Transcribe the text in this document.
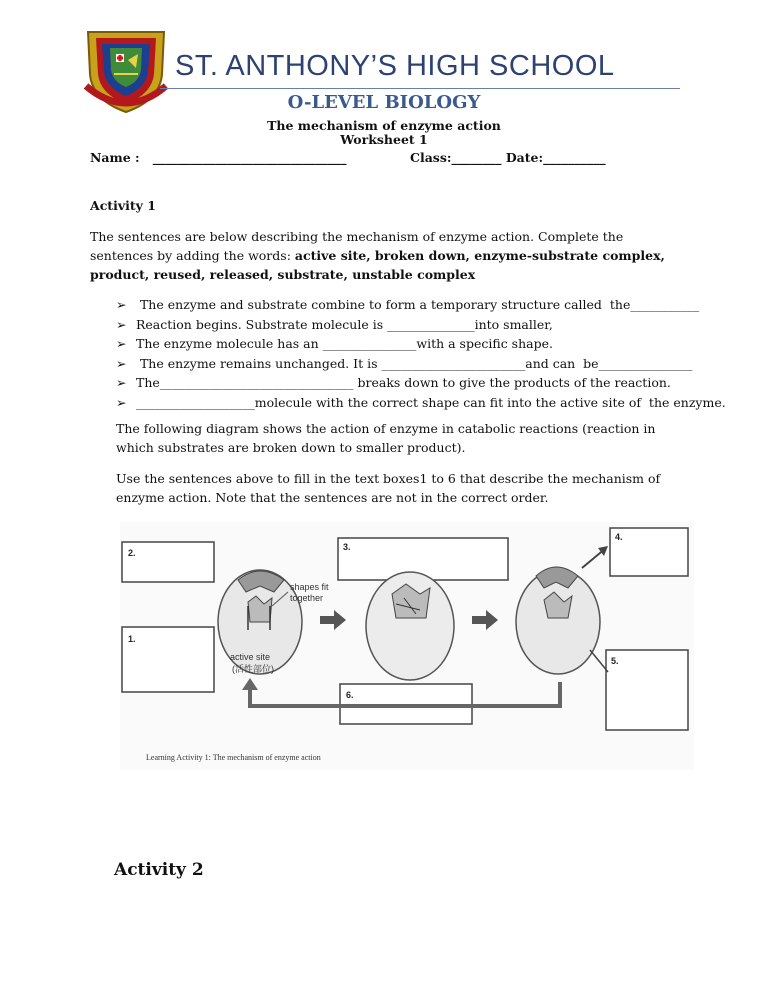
ST. ANTHONY’S HIGH SCHOOL
O-LEVEL BIOLOGY
The mechanism of enzyme action
Worksheet 1
Name :   _______________________________	Class:________ Date:__________
Activity 1
The sentences are below describing the mechanism of enzyme action. Complete the sentences by adding the words: active site, broken down, enzyme-substrate complex, product, reused, released, substrate, unstable complex
➢ The enzyme and substrate combine to form a temporary structure called  the___________
➢ Reaction begins. Substrate molecule is ______________into smaller,
➢ The enzyme molecule has an _______________with a specific shape.
➢ The enzyme remains unchanged. It is _______________________and can  be_______________
➢ The_______________________________ breaks down to give the products of the reaction.
➢ ___________________molecule with the correct shape can fit into the active site of  the enzyme.
The following diagram shows the action of enzyme in catabolic reactions (reaction in which substrates are broken down to smaller product).
Use the sentences above to fill in the text boxes1 to 6 that describe the mechanism of enzyme action. Note that the sentences are not in the correct order.
2.
1.
3.
4.
5.
6.
shapes fit
together
active site
(活性部位)
Learning Activity 1: The mechanism of enzyme action
Activity 2
